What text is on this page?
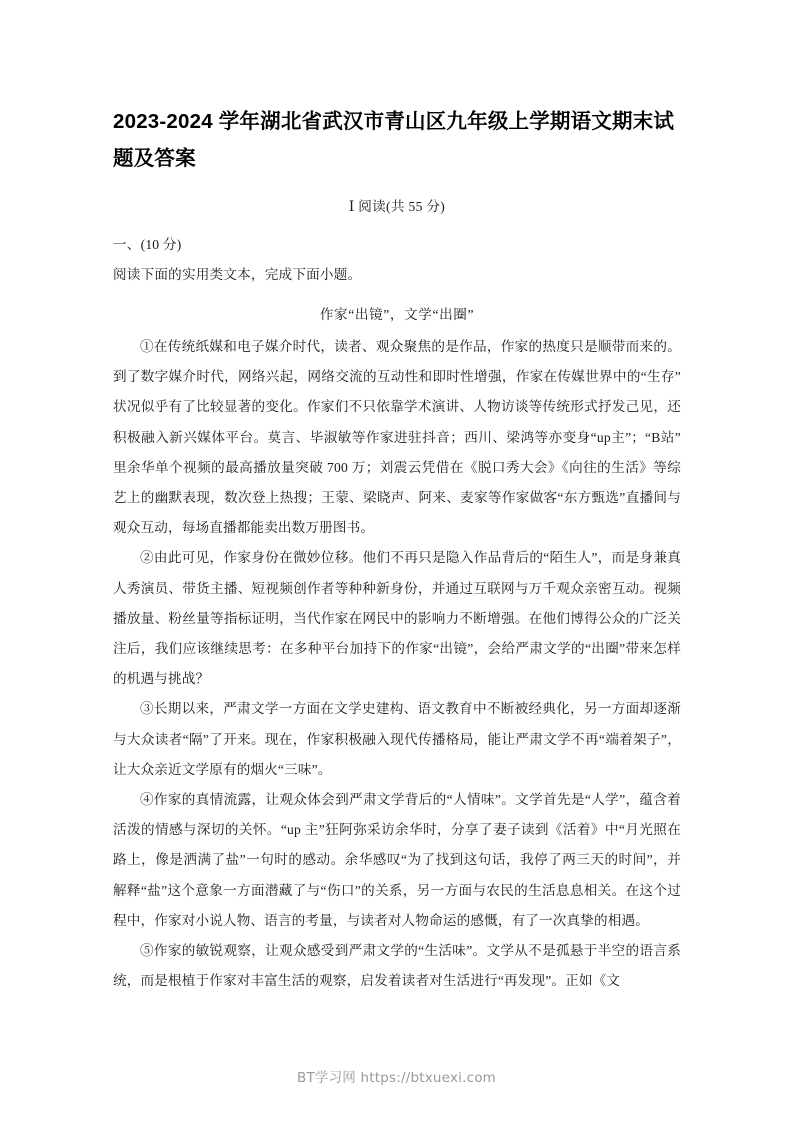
2023-2024 学年湖北省武汉市青山区九年级上学期语文期末试题及答案

Ⅰ 阅读(共 55 分)

一、(10 分)

阅读下面的实用类文本，完成下面小题。

作家“出镜”，文学“出圈”

①在传统纸媒和电子媒介时代，读者、观众聚焦的是作品，作家的热度只是顺带而来的。到了数字媒介时代，网络兴起，网络交流的互动性和即时性增强，作家在传媒世界中的“生存”状况似乎有了比较显著的变化。作家们不只依靠学术演讲、人物访谈等传统形式抒发己见，还积极融入新兴媒体平台。莫言、毕淑敏等作家进驻抖音；西川、梁鸿等亦变身“up主”；“B站”里余华单个视频的最高播放量突破 700 万；刘震云凭借在《脱口秀大会》《向往的生活》等综艺上的幽默表现，数次登上热搜；王蒙、梁晓声、阿来、麦家等作家做客“东方甄选”直播间与观众互动，每场直播都能卖出数万册图书。

②由此可见，作家身份在微妙位移。他们不再只是隐入作品背后的“陌生人”，而是身兼真人秀演员、带货主播、短视频创作者等种种新身份，并通过互联网与万千观众亲密互动。视频播放量、粉丝量等指标证明，当代作家在网民中的影响力不断增强。在他们博得公众的广泛关注后，我们应该继续思考：在多种平台加持下的作家“出镜”，会给严肃文学的“出圈”带来怎样的机遇与挑战？

③长期以来，严肃文学一方面在文学史建构、语文教育中不断被经典化，另一方面却逐渐与大众读者“隔”了开来。现在，作家积极融入现代传播格局，能让严肃文学不再“端着架子”，让大众亲近文学原有的烟火“三味”。

④作家的真情流露，让观众体会到严肃文学背后的“人情味”。文学首先是“人学”，蕴含着活泼的情感与深切的关怀。“up 主”狂阿弥采访余华时，分享了妻子读到《活着》中“月光照在路上，像是洒满了盐”一句时的感动。余华感叹“为了找到这句话，我停了两三天的时间”，并解释“盐”这个意象一方面潜藏了与“伤口”的关系，另一方面与农民的生活息息相关。在这个过程中，作家对小说人物、语言的考量，与读者对人物命运的感慨，有了一次真挚的相遇。

⑤作家的敏锐观察，让观众感受到严肃文学的“生活味”。文学从不是孤悬于半空的语言系统，而是根植于作家对丰富生活的观察，启发着读者对生活进行“再发现”。正如《文

BT学习网 https://btxuexi.com
